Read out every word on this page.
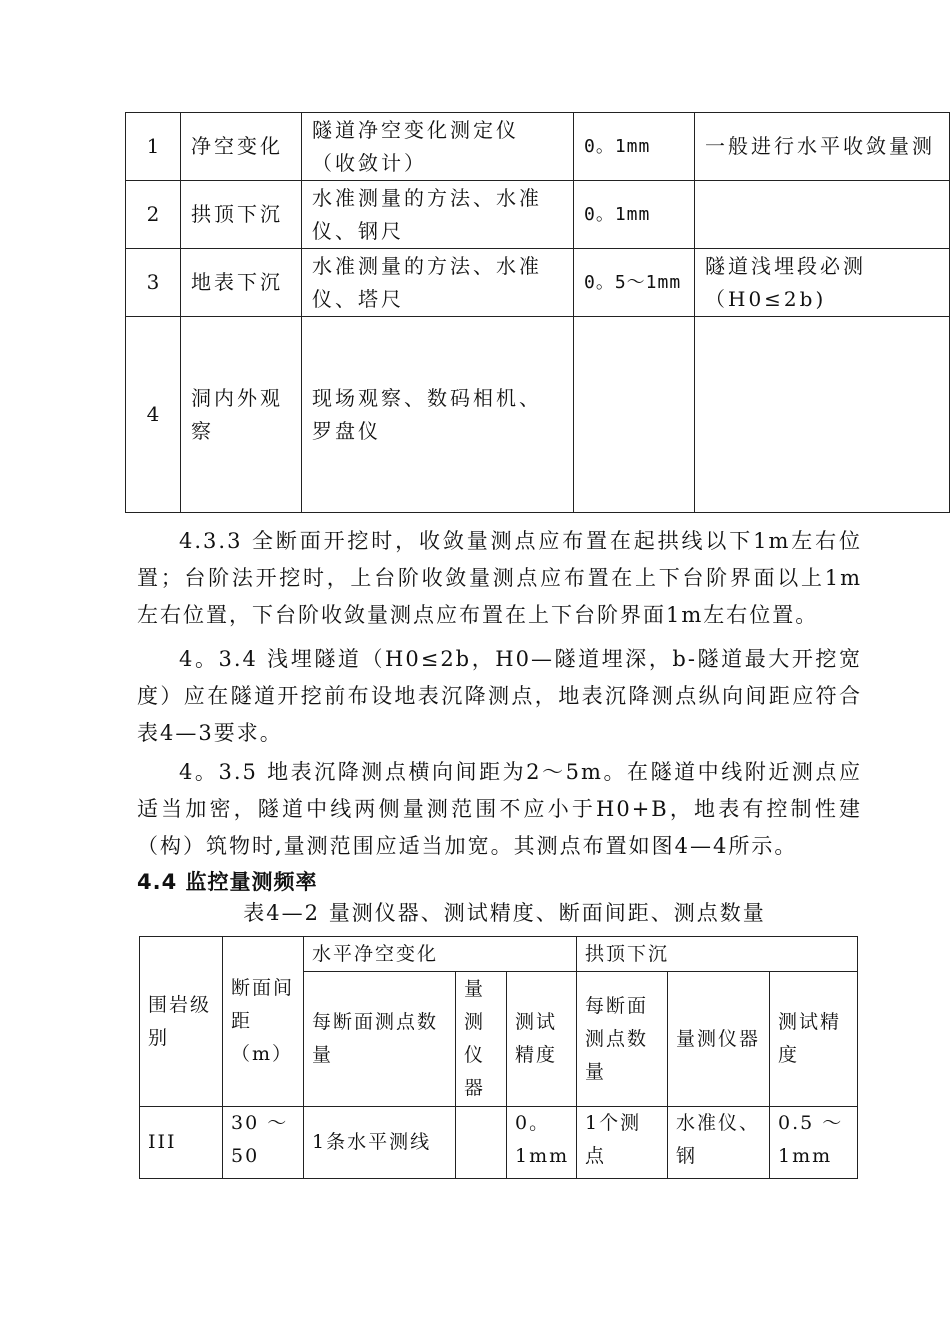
1	净空变化	隧道净空变化测定仪（收敛计）	0。1mm	一般进行水平收敛量测
2	拱顶下沉	水准测量的方法、水准仪、钢尺	0。1mm	
3	地表下沉	水准测量的方法、水准仪、塔尺	0。5～1mm	隧道浅埋段必测（H0≤2b)
4	洞内外观察	现场观察、数码相机、罗盘仪		

4.3.3 全断面开挖时，收敛量测点应布置在起拱线以下1m左右位置；台阶法开挖时，上台阶收敛量测点应布置在上下台阶界面以上1m左右位置，下台阶收敛量测点应布置在上下台阶界面1m左右位置。

4。3.4 浅埋隧道（H0≤2b，H0—隧道埋深，b-隧道最大开挖宽度）应在隧道开挖前布设地表沉降测点，地表沉降测点纵向间距应符合表4—3要求。

4。3.5 地表沉降测点横向间距为2～5m。在隧道中线附近测点应适当加密，隧道中线两侧量测范围不应小于H0+B，地表有控制性建（构）筑物时,量测范围应适当加宽。其测点布置如图4—4所示。

4.4 监控量测频率

表4—2 量测仪器、测试精度、断面间距、测点数量

围岩级别	断面间距（m）	水平净空变化			拱顶下沉		
		每断面测点数量	量测仪器	测试精度	每断面测点数量	量测仪器	测试精度
III	30 ～ 50	1条水平测线		0。1mm	1个测点	水准仪、钢	0.5 ～ 1mm
